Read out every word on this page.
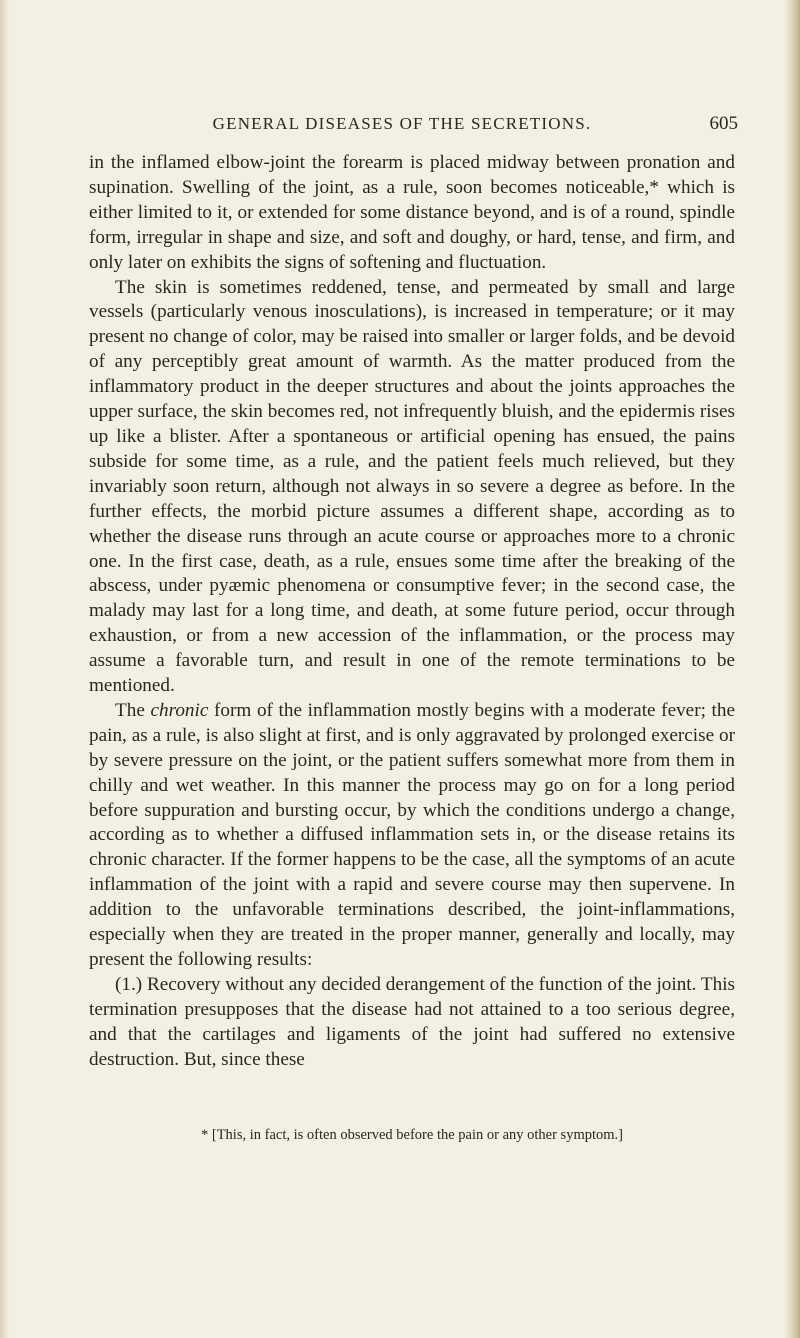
GENERAL DISEASES OF THE SECRETIONS.	605

in the inflamed elbow-joint the forearm is placed midway between pronation and supination. Swelling of the joint, as a rule, soon becomes noticeable,* which is either limited to it, or extended for some distance beyond, and is of a round, spindle form, irregular in shape and size, and soft and doughy, or hard, tense, and firm, and only later on exhibits the signs of softening and fluctuation.

The skin is sometimes reddened, tense, and permeated by small and large vessels (particularly venous inosculations), is increased in temperature; or it may present no change of color, may be raised into smaller or larger folds, and be devoid of any perceptibly great amount of warmth. As the matter produced from the inflammatory product in the deeper structures and about the joints approaches the upper surface, the skin becomes red, not infrequently bluish, and the epidermis rises up like a blister. After a spontaneous or artificial opening has ensued, the pains subside for some time, as a rule, and the patient feels much relieved, but they invariably soon return, although not always in so severe a degree as before. In the further effects, the morbid picture assumes a different shape, according as to whether the disease runs through an acute course or approaches more to a chronic one. In the first case, death, as a rule, ensues some time after the breaking of the abscess, under pyæmic phenomena or consumptive fever; in the second case, the malady may last for a long time, and death, at some future period, occur through exhaustion, or from a new accession of the inflammation, or the process may assume a favorable turn, and result in one of the remote terminations to be mentioned.

The chronic form of the inflammation mostly begins with a moderate fever; the pain, as a rule, is also slight at first, and is only aggravated by prolonged exercise or by severe pressure on the joint, or the patient suffers somewhat more from them in chilly and wet weather. In this manner the process may go on for a long period before suppuration and bursting occur, by which the conditions undergo a change, according as to whether a diffused inflammation sets in, or the disease retains its chronic character. If the former happens to be the case, all the symptoms of an acute inflammation of the joint with a rapid and severe course may then supervene. In addition to the unfavorable terminations described, the joint-inflammations, especially when they are treated in the proper manner, generally and locally, may present the following results:

(1.) Recovery without any decided derangement of the function of the joint. This termination presupposes that the disease had not attained to a too serious degree, and that the cartilages and ligaments of the joint had suffered no extensive destruction. But, since these

* [This, in fact, is often observed before the pain or any other symptom.]
